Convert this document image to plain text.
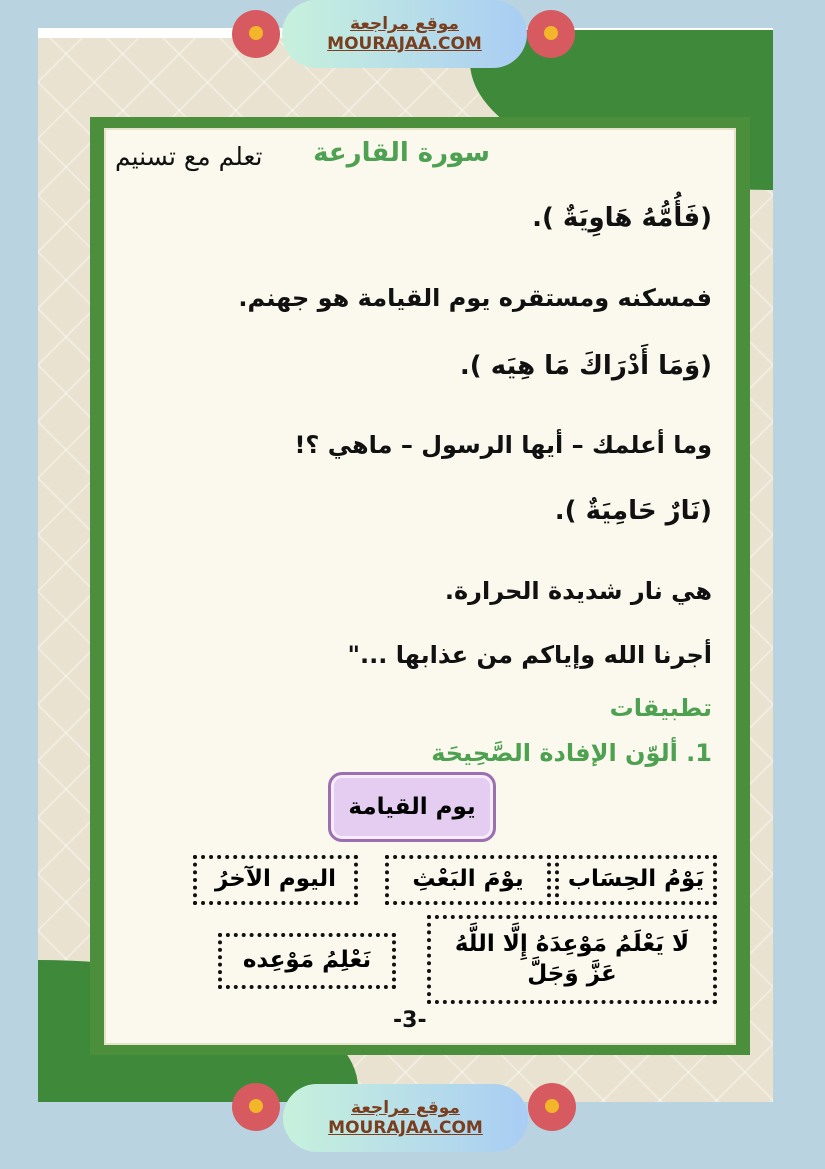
سورة القارعة
تعلم مع تسنيم
(فَأُمُّهُ هَاوِيَةٌ ).
فمسكنه ومستقره يوم القيامة هو جهنم.
(وَمَا أَدْرَاكَ مَا هِيَه ).
وما أعلمك – أيها الرسول – ماهي ؟!
(نَارٌ حَامِيَةٌ ).
هي نار شديدة الحرارة.
أجرنا الله وإياكم من عذابها ..."
تطبيقات
1. ألوّن الإفادة الصَّحِيحَة
يوم القيامة
يَوْمُ الحِسَاب
يوْمَ البَعْثِ
اليوم الآخرُ
لَا يَعْلَمُ مَوْعِدَهُ إِلَّا اللَّهُ عَزَّ وَجَلَّ
نَعْلِمُ مَوْعِده
-3-
موقع مراجعة
MOURAJAA.COM
موقع مراجعة
MOURAJAA.COM
